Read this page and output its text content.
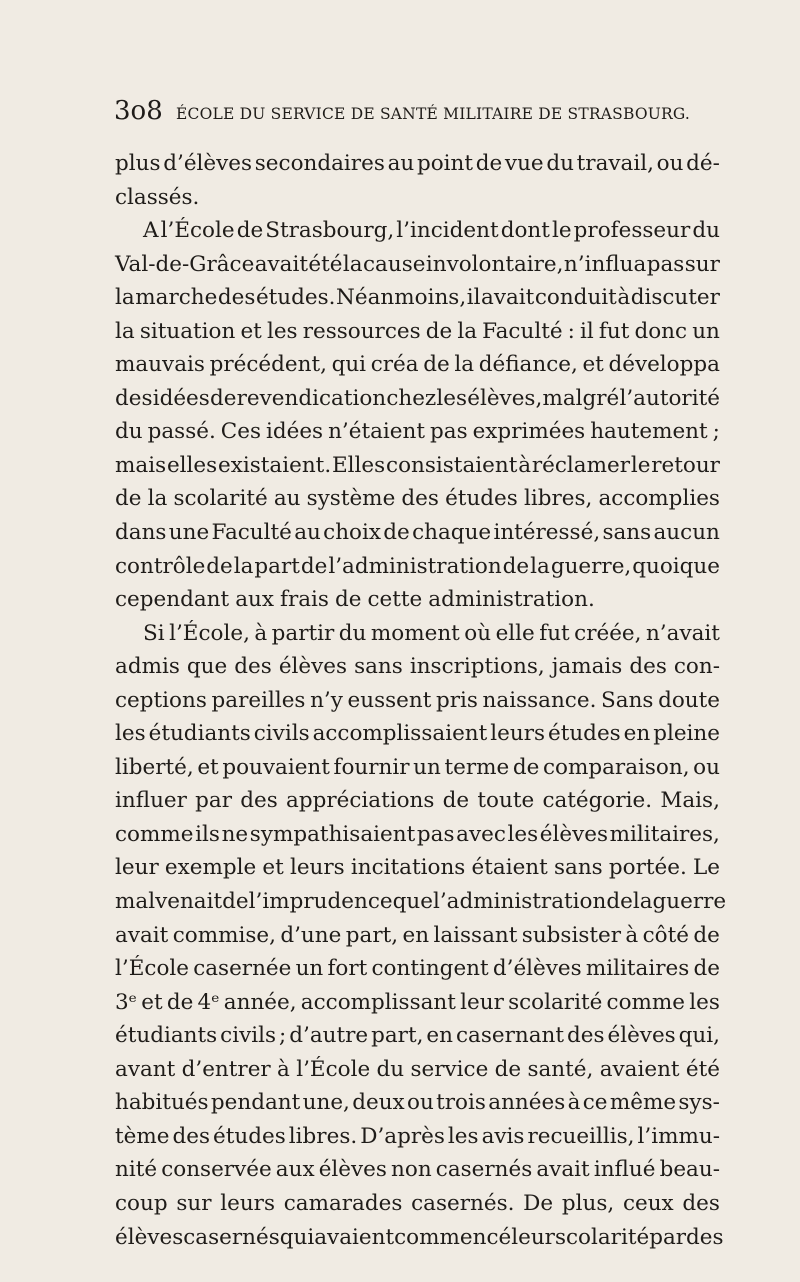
3o8 ÉCOLE DU SERVICE DE SANTÉ MILITAIRE DE STRASBOURG.
plus d’élèves secondaires au point de vue du travail, ou dé-
classés.
A l’École de Strasbourg, l’incident dont le professeur du
Val-de-Grâce avait été la cause involontaire, n’influa pas sur
la marche des études. Néanmoins, il avait conduit à discuter
la situation et les ressources de la Faculté : il fut donc un
mauvais précédent, qui créa de la défiance, et développa
des idées de revendication chez les élèves, malgré l’autorité
du passé. Ces idées n’étaient pas exprimées hautement ;
mais elles existaient. Elles consistaient à réclamer le retour
de la scolarité au système des études libres, accomplies
dans une Faculté au choix de chaque intéressé, sans aucun
contrôle de la part de l’administration de la guerre, quoique
cependant aux frais de cette administration.
Si l’École, à partir du moment où elle fut créée, n’avait
admis que des élèves sans inscriptions, jamais des con-
ceptions pareilles n’y eussent pris naissance. Sans doute
les étudiants civils accomplissaient leurs études en pleine
liberté, et pouvaient fournir un terme de comparaison, ou
influer par des appréciations de toute catégorie. Mais,
comme ils ne sympathisaient pas avec les élèves militaires,
leur exemple et leurs incitations étaient sans portée. Le
mal venait de l’imprudence que l’administration de la guerre
avait commise, d’une part, en laissant subsister à côté de
l’École casernée un fort contingent d’élèves militaires de
3ᵉ et de 4ᵉ année, accomplissant leur scolarité comme les
étudiants civils ; d’autre part, en casernant des élèves qui,
avant d’entrer à l’École du service de santé, avaient été
habitués pendant une, deux ou trois années à ce même sys-
tème des études libres. D’après les avis recueillis, l’immu-
nité conservée aux élèves non casernés avait influé beau-
coup sur leurs camarades casernés. De plus, ceux des
élèves casernés qui avaient commencé leur scolarité par des
